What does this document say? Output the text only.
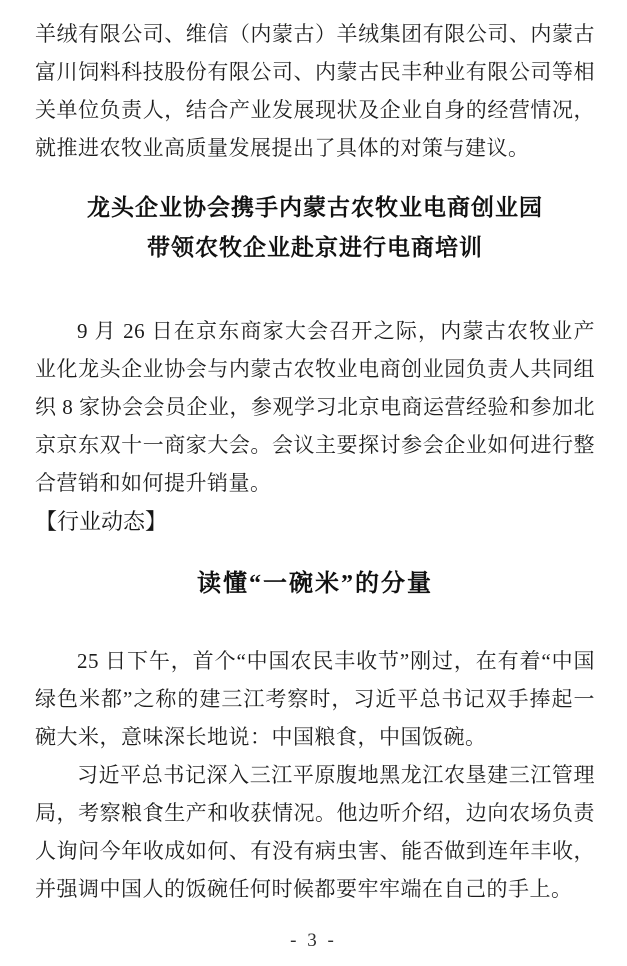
羊绒有限公司、维信（内蒙古）羊绒集团有限公司、内蒙古富川饲料科技股份有限公司、内蒙古民丰种业有限公司等相关单位负责人，结合产业发展现状及企业自身的经营情况，就推进农牧业高质量发展提出了具体的对策与建议。

龙头企业协会携手内蒙古农牧业电商创业园
带领农牧企业赴京进行电商培训

9 月 26 日在京东商家大会召开之际，内蒙古农牧业产业化龙头企业协会与内蒙古农牧业电商创业园负责人共同组织 8 家协会会员企业，参观学习北京电商运营经验和参加北京京东双十一商家大会。会议主要探讨参会企业如何进行整合营销和如何提升销量。

【行业动态】
读懂“一碗米”的分量

25 日下午，首个“中国农民丰收节”刚过，在有着“中国绿色米都”之称的建三江考察时，习近平总书记双手捧起一碗大米，意味深长地说：中国粮食，中国饭碗。

习近平总书记深入三江平原腹地黑龙江农垦建三江管理局，考察粮食生产和收获情况。他边听介绍，边向农场负责人询问今年收成如何、有没有病虫害、能否做到连年丰收，并强调中国人的饭碗任何时候都要牢牢端在自己的手上。

- 3 -
